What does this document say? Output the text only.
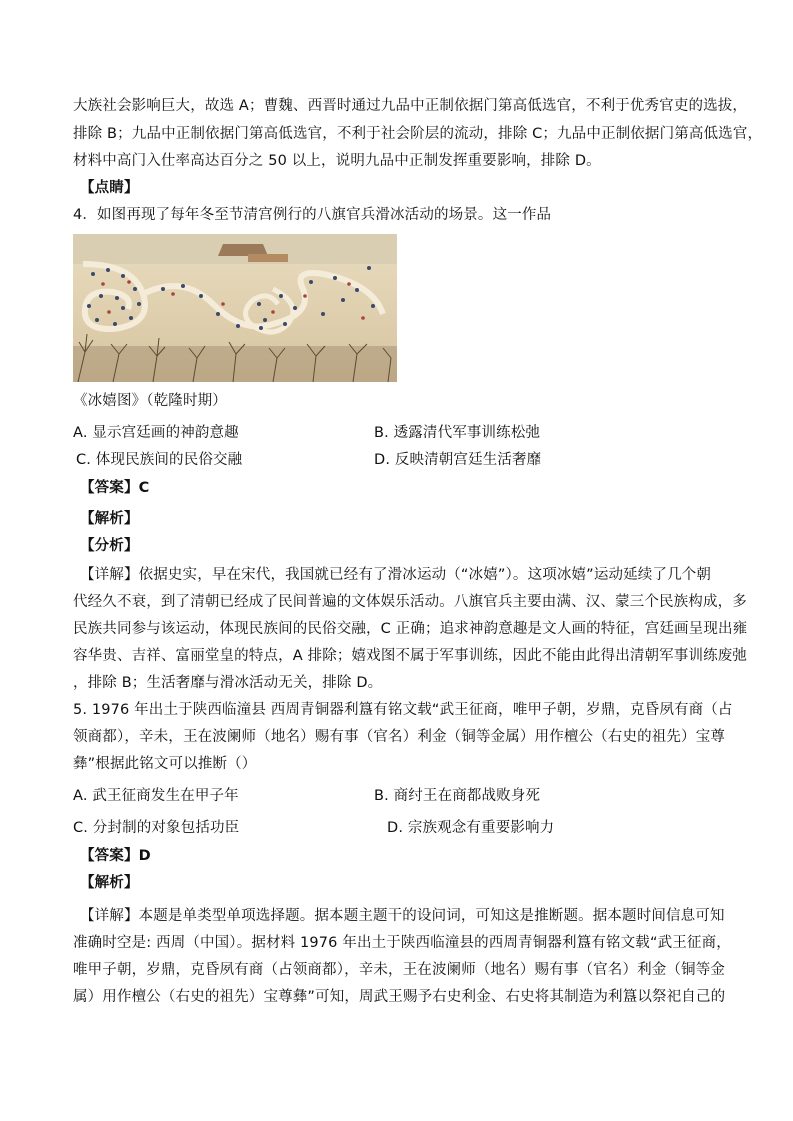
大族社会影响巨大，故选 A；曹魏、西晋时通过九品中正制依据门第高低选官，不利于优秀官吏的选拔，
排除 B；九品中正制依据门第高低选官，不利于社会阶层的流动，排除 C；九品中正制依据门第高低选官，
材料中高门入仕率高达百分之 50 以上，说明九品中正制发挥重要影响，排除 D。
【点睛】
4．如图再现了每年冬至节清宫例行的八旗官兵滑冰活动的场景。这一作品
《冰嬉图》（乾隆时期）
A. 显示宫廷画的神韵意趣	B. 透露清代军事训练松弛
C. 体现民族间的民俗交融	D. 反映清朝宫廷生活奢靡
【答案】C
【解析】
【分析】
【详解】依据史实，早在宋代，我国就已经有了滑冰运动（“冰嬉”）。这项冰嬉”运动延续了几个朝
代经久不衰，到了清朝已经成了民间普遍的文体娱乐活动。八旗官兵主要由满、汉、蒙三个民族构成，多
民族共同参与该运动，体现民族间的民俗交融，C 正确；追求神韵意趣是文人画的特征，宫廷画呈现出雍
容华贵、吉祥、富丽堂皇的特点，A 排除；嬉戏图不属于军事训练，因此不能由此得出清朝军事训练废弛
，排除 B；生活奢靡与滑冰活动无关，排除 D。
5. 1976 年出土于陕西临潼县 西周青铜器利簋有铭文载“武王征商，唯甲子朝，岁鼎，克昏夙有商（占
领商都），辛未，王在波阑师（地名）赐有事（官名）利金（铜等金属）用作檀公（右史的祖先）宝尊
彝”根据此铭文可以推断（）
A. 武王征商发生在甲子年	B. 商纣王在商都战败身死
C. 分封制的对象包括功臣	D. 宗族观念有重要影响力
【答案】D
【解析】
【详解】本题是单类型单项选择题。据本题主题干的设问词，可知这是推断题。据本题时间信息可知
准确时空是: 西周（中国）。据材料 1976 年出土于陕西临潼县的西周青铜器利簋有铭文载“武王征商，
唯甲子朝，岁鼎，克昏夙有商（占领商都），辛未，王在波阑师（地名）赐有事（官名）利金（铜等金
属）用作檀公（右史的祖先）宝尊彝”可知，周武王赐予右史利金、右史将其制造为利簋以祭祀自己的
